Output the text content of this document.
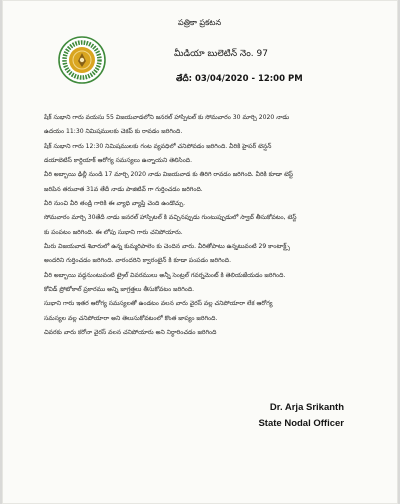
పత్రికా ప్రకటన
మీడియా బులెటిన్ నెం. 97
తేదీ: 03/04/2020 - 12:00 PM

షేక్ సుభాని గారు వయసు 55 విజయవాడలోని జనరల్ హాస్పిటల్ కు సోమవారం 30 మార్చి 2020 నాడు

ఉదయం 11:30 నిమిషములకు చెకప్ కు రావడం జరిగింది.

షేక్ సుభాని గారు 12:30 నిమిషములకు గంట వ్యవధిలో చనిపోవడం జరిగింది. వీరికి హైపర్ టెన్షన్

డయాబెటిస్ కార్డియాక్ ఆరోగ్య సమస్యలు ఉన్నాయని తెలిసింది.

వీరి అబ్బాయి ఢిల్లీ నుండి 17 మార్చి 2020 నాడు విజయవాడ కు తిరిగి రావడం జరిగింది. వీరికి కూడా టెస్ట్

జరిపిన తరువాత 31వ తేదీ నాడు పాజిటివ్ గా గుర్తించడం జరిగింది.

వీరి నుంచి వీరి తండ్రి గారికి ఈ వ్యాధి వ్యాప్తి చెంది ఉండొచ్చు.

సోమవారం మార్చి 30తేదీ నాడు జనరల్ హాస్పిటల్ కి వచ్చినప్పుడు గుంటుప్పుడులో స్వాబ్ తీసుకోవటం, టెస్ట్

కు పంపటం జరిగింది. ఈ లోపు సుభాని గారు చనిపోయారు.

మీరు విజయవాడ శివారులో ఉన్న కుమ్మరిపాలెం కు చెందిన వారు. వీరితోపాటు ఉన్నటువంటి 29 కాంటాక్ట్స్

అందరిని గుర్తించడం జరిగింది. వారందరిని క్వారంటైన్ కి కూడా పంపడం జరిగింది.

వీరి అబ్బాయి వద్దనుంటువంటి ట్రైల్ వివరములు అన్నీ సెంట్రల్ గవర్నమెంట్ కి తెలియజేయడం జరిగింది.

కోవిడ్ ప్రోటోకాల్ ప్రకారము అన్ని జాగ్రత్తలు తీసుకోవటం జరిగింది.

సుభాని గారు ఇతర ఆరోగ్య సమస్యలతో ఉండటం వలన వారు వైరస్ వల్ల చనిపోయారా లేక ఆరోగ్య

సమస్యల వల్ల చనిపోయారా అని తెలుసుకోవటంలో కొంత జాప్యం జరిగింది.

చివరకు వారు కరోనా వైరస్ వలన చనిపోయారు అని నిర్ధారించడం జరిగింది

Dr. Arja Srikanth
State Nodal Officer
